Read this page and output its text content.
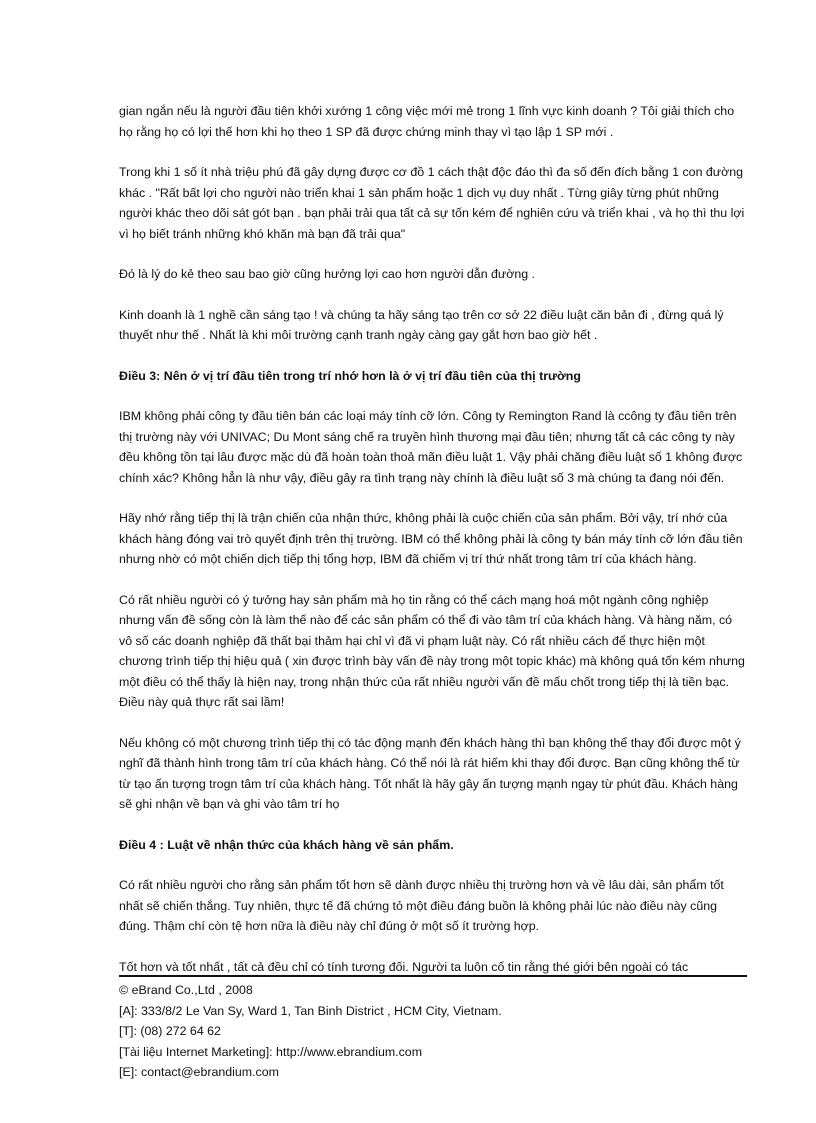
gian ngắn nếu là người đầu tiên khởi xướng 1 công việc mới mẻ trong 1 lĩnh vực kinh doanh ? Tôi giải thích cho họ rằng họ có lợi thế hơn khi họ theo 1 SP đã được chứng minh thay vì tạo lập 1 SP mới .

Trong khi 1 số ít nhà triệu phú đã gây dựng được cơ đồ 1 cách thật độc đáo thì đa số đến đích bằng 1 con đường khác . "Rất bất lợi cho người nào triển khai 1 sản phẩm hoặc 1 dịch vụ duy nhất . Từng giây từng phút những người khác theo dõi sát gót bạn . bạn phải trải qua tất cả sự tốn kém để nghiên cứu và triển khai , và họ thì thu lợi vì họ biết tránh những khó khăn mà bạn đã trải qua"

Đó là lý do kẻ theo sau bao giờ cũng hưởng lợi cao hơn người dẫn đường .

Kinh doanh là 1 nghề cần sáng tạo ! và chúng ta hãy sáng tạo trên cơ sở 22 điều luật căn bản đi , đừng quá lý thuyết như thế . Nhất là khi môi trường cạnh tranh ngày càng gay gắt hơn bao giờ hết .

Điều 3: Nên ở vị trí đầu tiên trong trí nhớ hơn là ở vị trí đầu tiên của thị trường

IBM không phải công ty đầu tiên bán các loại máy tính cỡ lớn. Công ty Remington Rand là ccông ty đầu tiên trên thị trường này với UNIVAC; Du Mont sáng chế ra truyền hình thương mại đầu tiên; nhưng tất cả các công ty này đều không tồn tại lâu được mặc dù đã hoàn toàn thoả mãn điều luật 1. Vậy phải chăng điều luật số 1 không được chính xác? Không hẳn là như vậy, điều gây ra tình trạng này chính là điều luật số 3 mà chúng ta đang nói đến.

Hãy nhớ rằng tiếp thị là trận chiến của nhận thức, không phải là cuộc chiến của sản phẩm. Bởi vậy, trí nhớ của khách hàng đóng vai trò quyết định trên thị trường. IBM có thể không phải là công ty bán máy tính cỡ lớn đầu tiên nhưng nhờ có một chiến dịch tiếp thị tổng hợp, IBM đã chiếm vị trí thứ nhất trong tâm trí của khách hàng.

Có rất nhiều người có ý tưởng hay sản phẩm mà họ tin rằng có thể cách mạng hoá một ngành công nghiệp nhưng vấn đề sống còn là làm thế nào để các sản phẩm có thể đi vào tâm trí của khách hàng. Và hàng năm, có vô số các doanh nghiệp đã thất bại thảm hại chỉ vì đã vi phạm luật này. Có rất nhiều cách để thực hiện một chương trình tiếp thị hiệu quả ( xin được trình bày vấn đề này trong một topic khác) mà không quá tốn kém nhưng một điều có thể thấy là hiện nay, trong nhận thức của rất nhiều người vấn đề mấu chốt trong tiếp thị là tiền bạc. Điều này quả thực rất sai lầm!

Nếu không có một chương trình tiếp thị có tác động mạnh đến khách hàng thì bạn không thể thay đổi được một ý nghĩ đã thành hình trong tâm trí của khách hàng. Có thể nói là rát hiếm khi thay đổi được. Bạn cũng không thể từ từ tạo ấn tượng trogn tâm trí của khách hàng. Tốt nhất là hãy gây ấn tượng mạnh ngay từ phút đầu. Khách hàng sẽ ghi nhận về bạn và ghi vào tâm trí họ

Điều 4 : Luật về nhận thức của khách hàng về sản phẩm.

Có rất nhiều người cho rằng sản phẩm tốt hơn sẽ dành được nhiều thị trường hơn và về lâu dài, sản phẩm tốt nhất sẽ chiến thắng. Tuy nhiên, thực tế đã chứng tỏ một điều đáng buồn là không phải lúc nào điều này cũng đúng. Thậm chí còn tệ hơn nữa là điều này chỉ đúng ở một số ít trường hợp.

Tốt hơn và tốt nhất , tất cả đều chỉ có tính tương đối. Người ta luôn cố tin rằng thé giới bên ngoài có tác

© eBrand Co.,Ltd , 2008

[A]: 333/8/2 Le Van Sy, Ward 1, Tan Binh District , HCM City, Vietnam.

[T]: (08) 272 64 62

[Tài liệu Internet Marketing]: http://www.ebrandium.com

[E]: contact@ebrandium.com
